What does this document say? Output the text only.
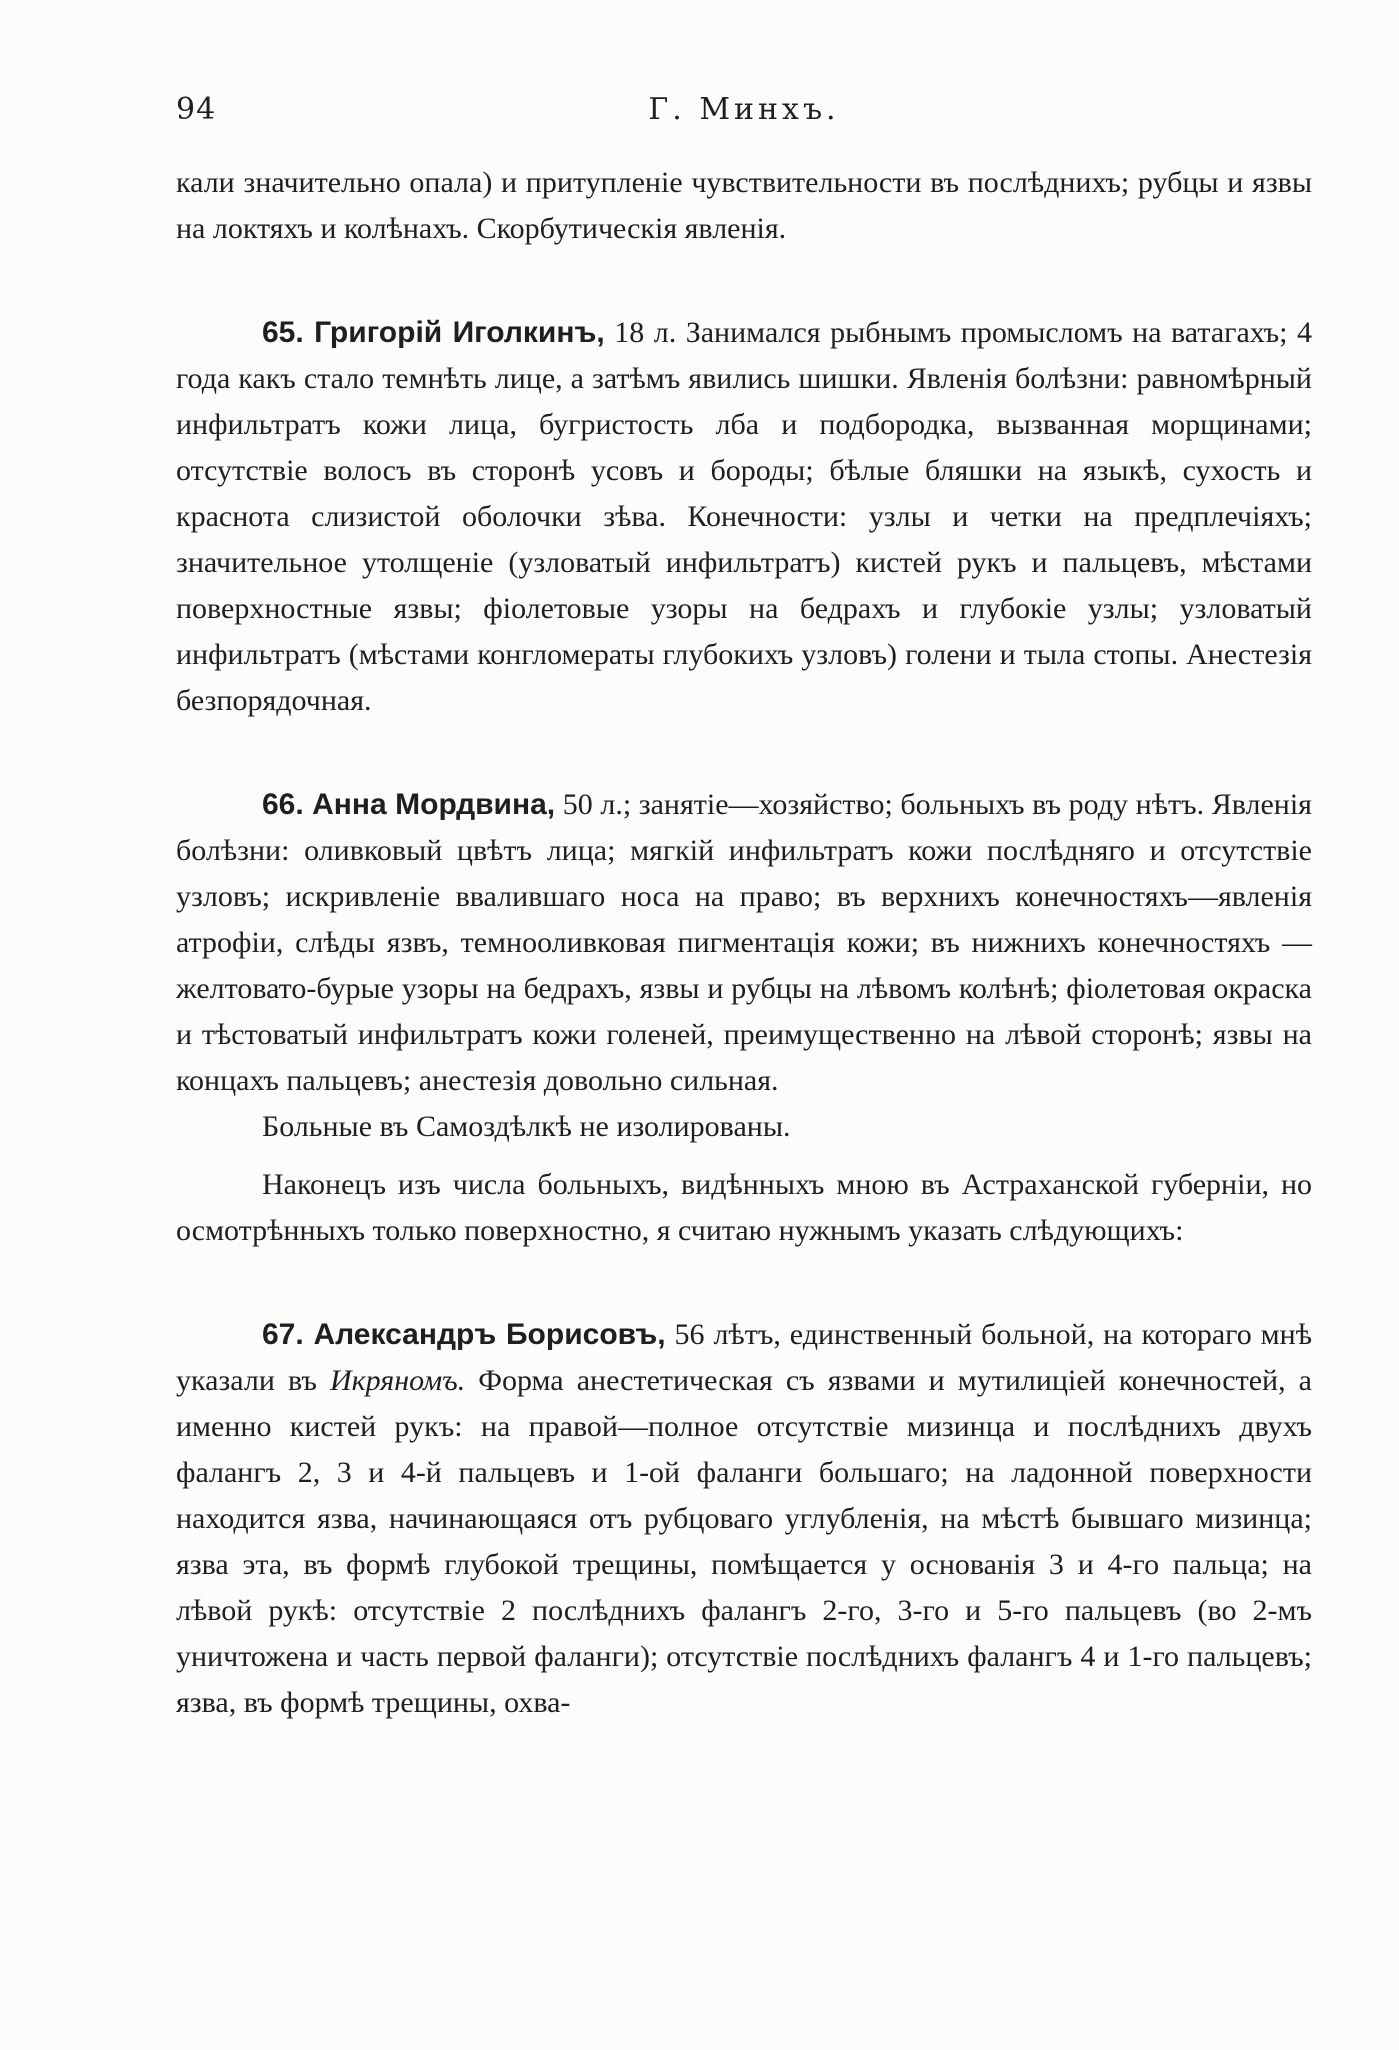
94	Г. Минхъ.

кали значительно опала) и притупленіе чувствительности въ послѣднихъ; рубцы и язвы на локтяхъ и колѣнахъ. Скорбутическія явленія.

65. Григорій Иголкинъ, 18 л. Занимался рыбнымъ промысломъ на ватагахъ; 4 года какъ стало темнѣть лице, а затѣмъ явились шишки. Явленія болѣзни: равномѣрный инфильтратъ кожи лица, бугристость лба и подбородка, вызванная морщинами; отсутствіе волосъ въ сторонѣ усовъ и бороды; бѣлые бляшки на языкѣ, сухость и краснота слизистой оболочки зѣва. Конечности: узлы и четки на предплечіяхъ; значительное утолщеніе (узловатый инфильтратъ) кистей рукъ и пальцевъ, мѣстами поверхностные язвы; фіолетовые узоры на бедрахъ и глубокіе узлы; узловатый инфильтратъ (мѣстами конгломераты глубокихъ узловъ) голени и тыла стопы. Анестезія безпорядочная.

66. Анна Мордвина, 50 л.; занятіе—хозяйство; больныхъ въ роду нѣтъ. Явленія болѣзни: оливковый цвѣтъ лица; мягкій инфильтратъ кожи послѣдняго и отсутствіе узловъ; искривленіе ввалившаго носа на право; въ верхнихъ конечностяхъ—явленія атрофіи, слѣды язвъ, темнооливковая пигментація кожи; въ нижнихъ конечностяхъ — желтовато-бурые узоры на бедрахъ, язвы и рубцы на лѣвомъ колѣнѣ; фіолетовая окраска и тѣстоватый инфильтратъ кожи голеней, преимущественно на лѣвой сторонѣ; язвы на концахъ пальцевъ; анестезія довольно сильная.

Больные въ Самоздѣлкѣ не изолированы.

Наконецъ изъ числа больныхъ, видѣнныхъ мною въ Астраханской губерніи, но осмотрѣнныхъ только поверхностно, я считаю нужнымъ указать слѣдующихъ:

67. Александръ Борисовъ, 56 лѣтъ, единственный больной, на котораго мнѣ указали въ Икряномъ. Форма анестетическая съ язвами и мутилиціей конечностей, а именно кистей рукъ: на правой—полное отсутствіе мизинца и послѣднихъ двухъ фалангъ 2, 3 и 4-й пальцевъ и 1-ой фаланги большаго; на ладонной поверхности находится язва, начинающаяся отъ рубцоваго углубленія, на мѣстѣ бывшаго мизинца; язва эта, въ формѣ глубокой трещины, помѣщается у основанія 3 и 4-го пальца; на лѣвой рукѣ: отсутствіе 2 послѣднихъ фалангъ 2-го, 3-го и 5-го пальцевъ (во 2-мъ уничтожена и часть первой фаланги); отсутствіе послѣднихъ фалангъ 4 и 1-го пальцевъ; язва, въ формѣ трещины, охва-
